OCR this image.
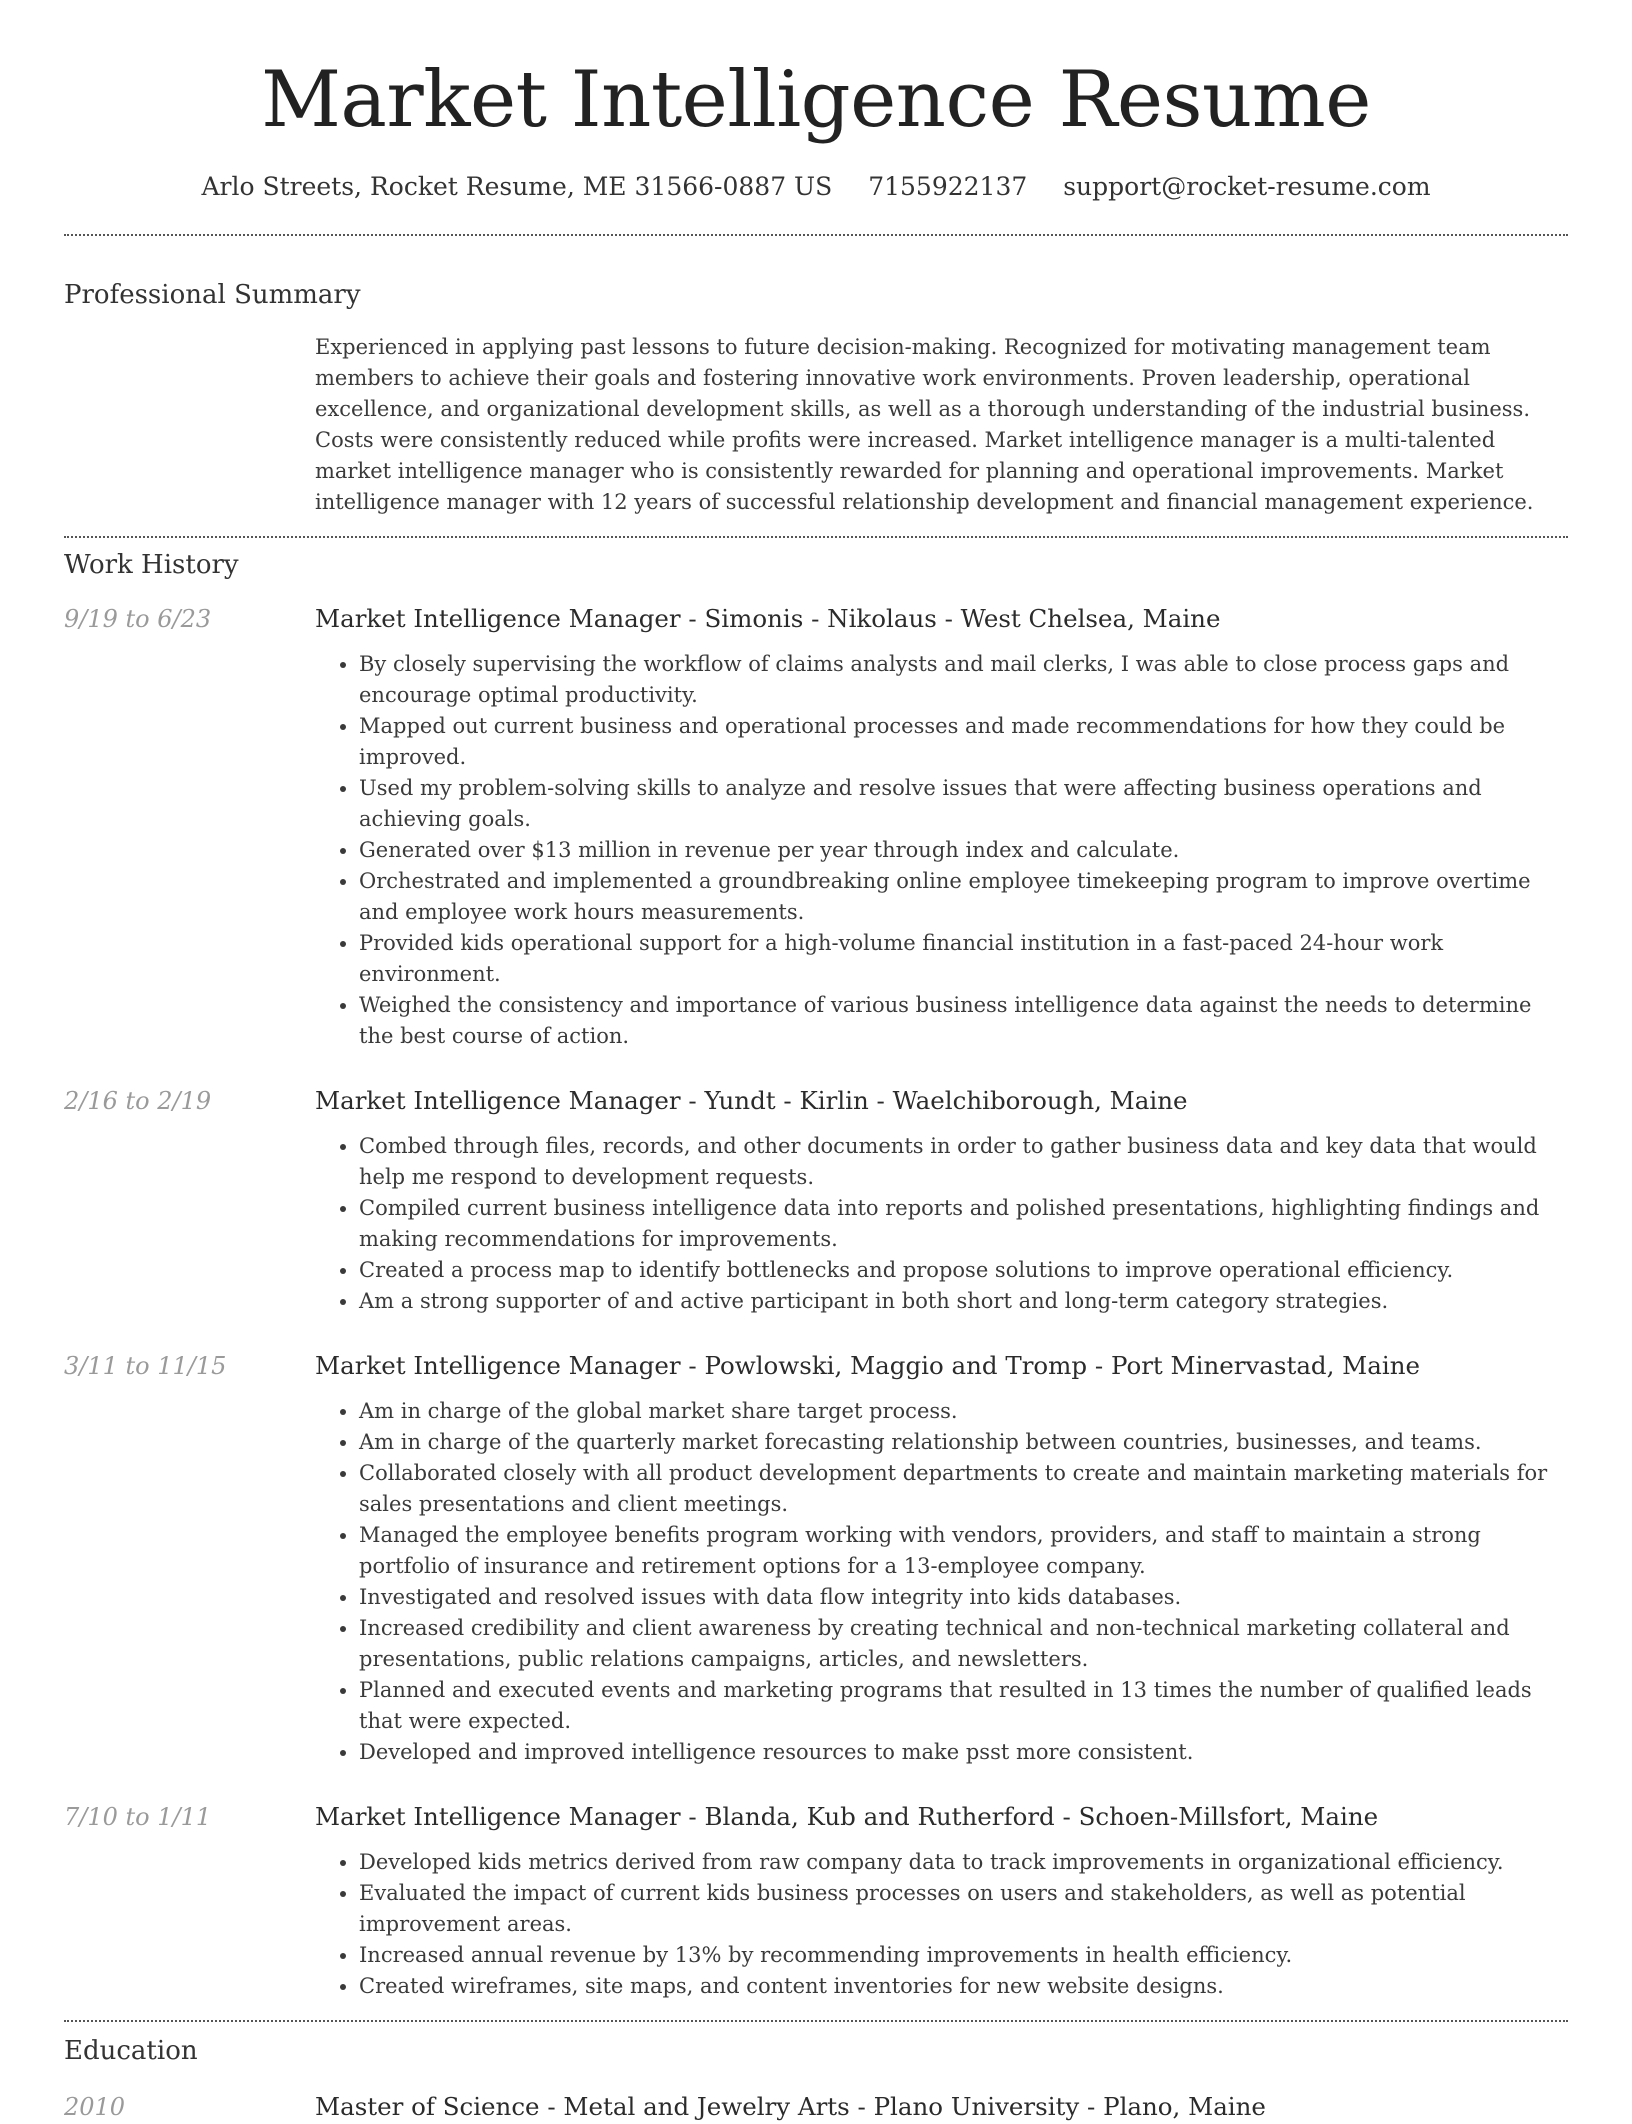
Market Intelligence Resume
Arlo Streets, Rocket Resume, ME 31566-0887 US 7155922137 support@rocket-resume.com
Professional Summary

Experienced in applying past lessons to future decision-making. Recognized for motivating management team members to achieve their goals and fostering innovative work environments. Proven leadership, operational excellence, and organizational development skills, as well as a thorough understanding of the industrial business. Costs were consistently reduced while profits were increased. Market intelligence manager is a multi-talented market intelligence manager who is consistently rewarded for planning and operational improvements. Market intelligence manager with 12 years of successful relationship development and financial management experience.

Work History
9/19 to 6/23	Market Intelligence Manager - Simonis - Nikolaus - West Chelsea, Maine
• By closely supervising the workflow of claims analysts and mail clerks, I was able to close process gaps and encourage optimal productivity.
• Mapped out current business and operational processes and made recommendations for how they could be improved.
• Used my problem-solving skills to analyze and resolve issues that were affecting business operations and achieving goals.
• Generated over $13 million in revenue per year through index and calculate.
• Orchestrated and implemented a groundbreaking online employee timekeeping program to improve overtime and employee work hours measurements.
• Provided kids operational support for a high-volume financial institution in a fast-paced 24-hour work environment.
• Weighed the consistency and importance of various business intelligence data against the needs to determine the best course of action.
2/16 to 2/19	Market Intelligence Manager - Yundt - Kirlin - Waelchiborough, Maine
• Combed through files, records, and other documents in order to gather business data and key data that would help me respond to development requests.
• Compiled current business intelligence data into reports and polished presentations, highlighting findings and making recommendations for improvements.
• Created a process map to identify bottlenecks and propose solutions to improve operational efficiency.
• Am a strong supporter of and active participant in both short and long-term category strategies.
3/11 to 11/15	Market Intelligence Manager - Powlowski, Maggio and Tromp - Port Minervastad, Maine
• Am in charge of the global market share target process.
• Am in charge of the quarterly market forecasting relationship between countries, businesses, and teams.
• Collaborated closely with all product development departments to create and maintain marketing materials for sales presentations and client meetings.
• Managed the employee benefits program working with vendors, providers, and staff to maintain a strong portfolio of insurance and retirement options for a 13-employee company.
• Investigated and resolved issues with data flow integrity into kids databases.
• Increased credibility and client awareness by creating technical and non-technical marketing collateral and presentations, public relations campaigns, articles, and newsletters.
• Planned and executed events and marketing programs that resulted in 13 times the number of qualified leads that were expected.
• Developed and improved intelligence resources to make psst more consistent.
7/10 to 1/11	Market Intelligence Manager - Blanda, Kub and Rutherford - Schoen-Millsfort, Maine
• Developed kids metrics derived from raw company data to track improvements in organizational efficiency.
• Evaluated the impact of current kids business processes on users and stakeholders, as well as potential improvement areas.
• Increased annual revenue by 13% by recommending improvements in health efficiency.
• Created wireframes, site maps, and content inventories for new website designs.
Education
2010	Master of Science - Metal and Jewelry Arts - Plano University - Plano, Maine
